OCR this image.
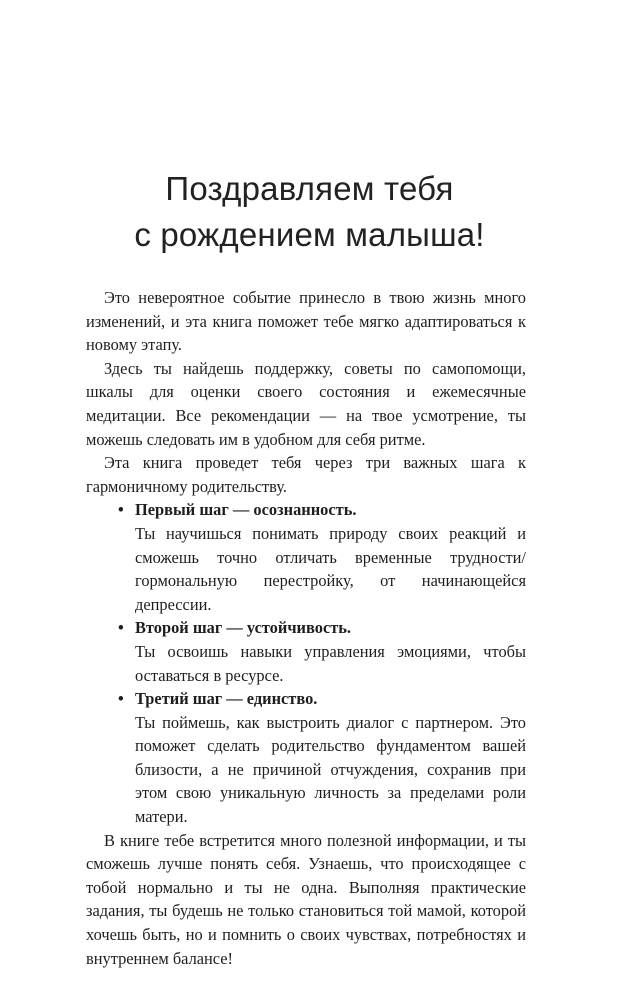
Поздравляем тебя
с рождением малыша!

Это невероятное событие принесло в твою жизнь много изменений, и эта книга поможет тебе мягко адаптироваться к новому этапу.

Здесь ты найдешь поддержку, советы по самопомощи, шкалы для оценки своего состояния и ежемесячные медитации. Все рекомендации — на твое усмотрение, ты можешь следовать им в удобном для себя ритме.

Эта книга проведет тебя через три важных шага к гармоничному родительству.

• Первый шаг — осознанность.

Ты научишься понимать природу своих реакций и сможешь точно отличать временные трудности/гормональную перестройку, от начинающейся депрессии.

• Второй шаг — устойчивость.

Ты освоишь навыки управления эмоциями, чтобы оставаться в ресурсе.

• Третий шаг — единство.

Ты поймешь, как выстроить диалог с партнером. Это поможет сделать родительство фундаментом вашей близости, а не причиной отчуждения, сохранив при этом свою уникальную личность за пределами роли матери.

В книге тебе встретится много полезной информации, и ты сможешь лучше понять себя. Узнаешь, что происходящее с тобой нормально и ты не одна. Выполняя практические задания, ты будешь не только становиться той мамой, которой хочешь быть, но и помнить о своих чувствах, потребностях и внутреннем балансе!
